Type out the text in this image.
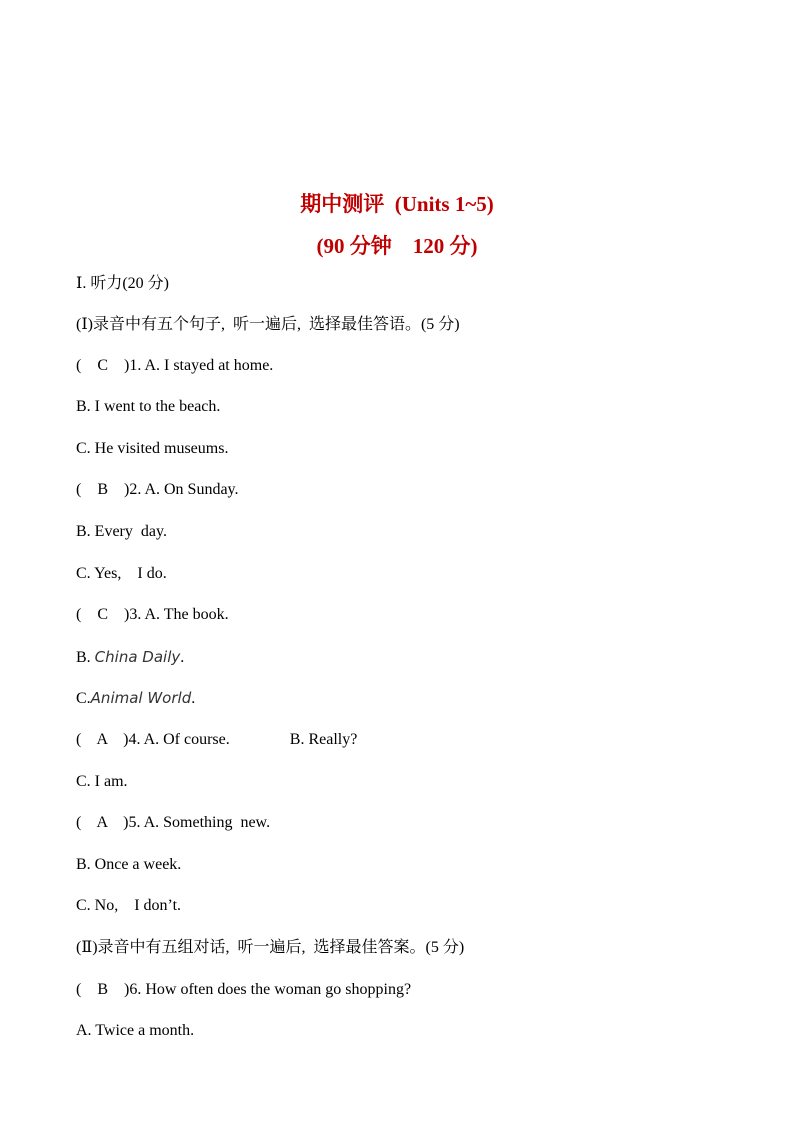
期中测评  (Units 1~5)
(90 分钟    120 分)
Ⅰ. 听力(20 分)
(Ⅰ)录音中有五个句子,  听一遍后,  选择最佳答语。(5 分)
(    C    )1. A. I stayed at home.
B. I went to the beach.
C. He visited museums.
(    B    )2. A. On Sunday.
B. Every  day.
C. Yes,    I do.
(    C    )3. A. The book.
B. China Daily.
C.Animal World.
(    A    )4. A. Of course.	B. Really?
C. I am.
(    A    )5. A. Something  new.
B. Once a week.
C. No,    I don’t.
(Ⅱ)录音中有五组对话,  听一遍后,  选择最佳答案。(5 分)
(    B    )6. How often does the woman go shopping?
A. Twice a month.
